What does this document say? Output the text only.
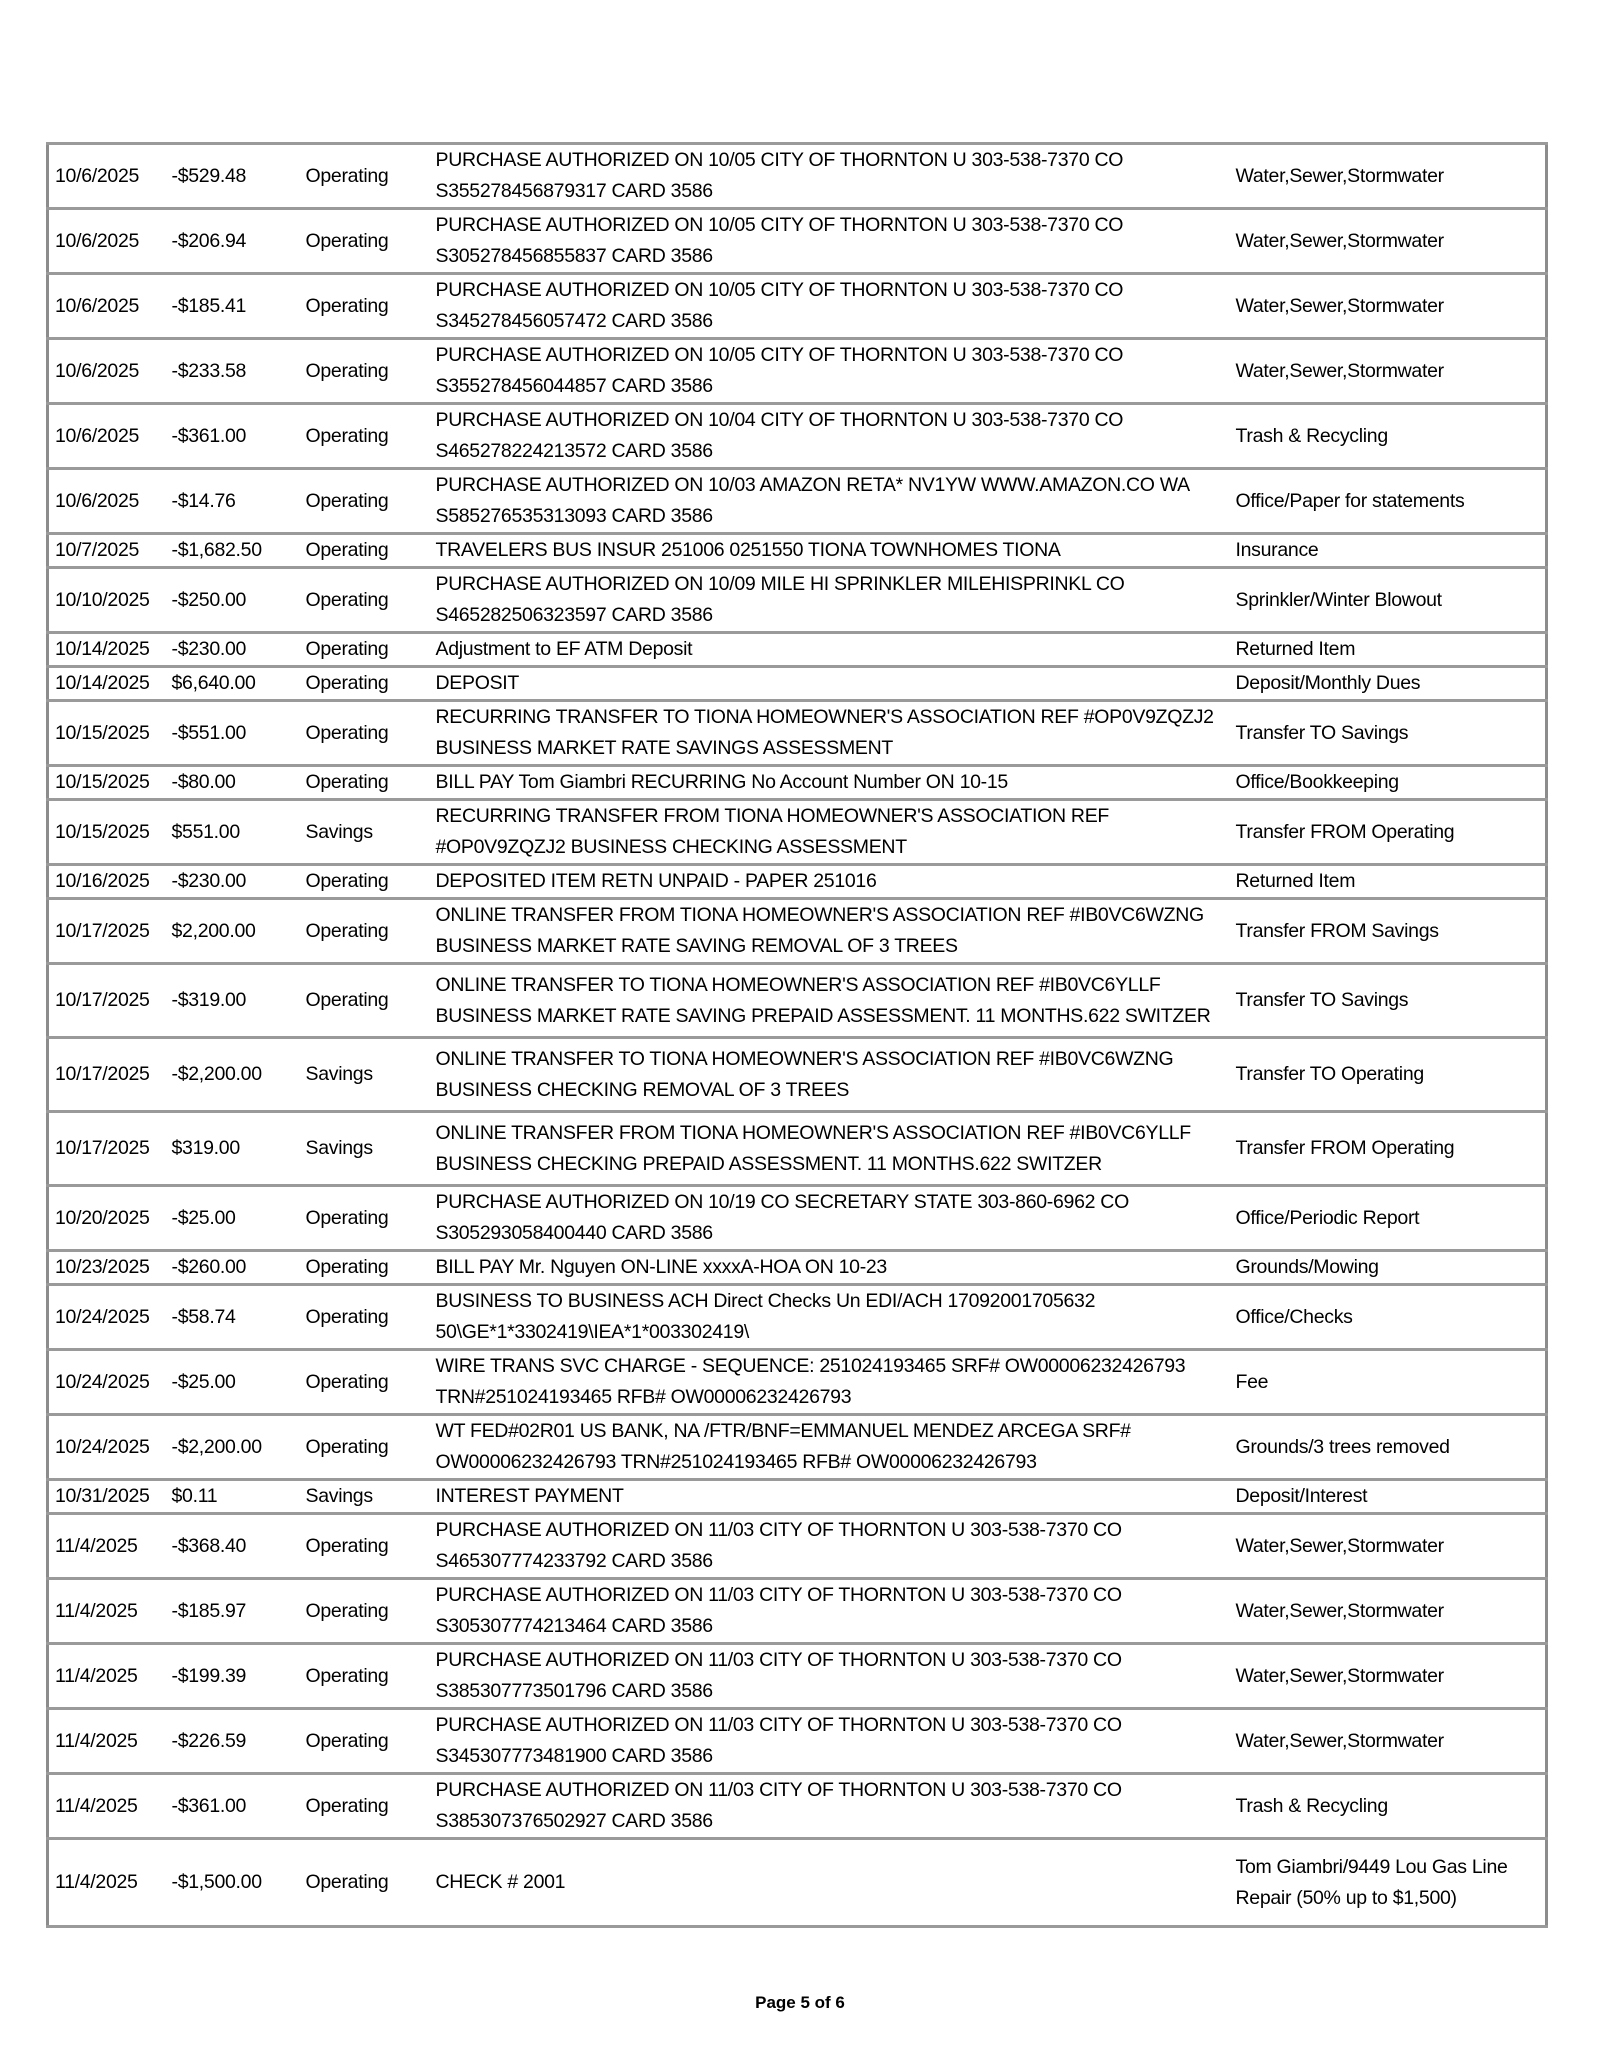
10/6/2025	-$529.48	Operating	PURCHASE AUTHORIZED ON 10/05 CITY OF THORNTON U 303-538-7370 CO S355278456879317 CARD 3586	Water,Sewer,Stormwater
10/6/2025	-$206.94	Operating	PURCHASE AUTHORIZED ON 10/05 CITY OF THORNTON U 303-538-7370 CO S305278456855837 CARD 3586	Water,Sewer,Stormwater
10/6/2025	-$185.41	Operating	PURCHASE AUTHORIZED ON 10/05 CITY OF THORNTON U 303-538-7370 CO S345278456057472 CARD 3586	Water,Sewer,Stormwater
10/6/2025	-$233.58	Operating	PURCHASE AUTHORIZED ON 10/05 CITY OF THORNTON U 303-538-7370 CO S355278456044857 CARD 3586	Water,Sewer,Stormwater
10/6/2025	-$361.00	Operating	PURCHASE AUTHORIZED ON 10/04 CITY OF THORNTON U 303-538-7370 CO S465278224213572 CARD 3586	Trash & Recycling
10/6/2025	-$14.76	Operating	PURCHASE AUTHORIZED ON 10/03 AMAZON RETA* NV1YW WWW.AMAZON.CO WA S585276535313093 CARD 3586	Office/Paper for statements
10/7/2025	-$1,682.50	Operating	TRAVELERS BUS INSUR 251006 0251550 TIONA TOWNHOMES TIONA	Insurance
10/10/2025	-$250.00	Operating	PURCHASE AUTHORIZED ON 10/09 MILE HI SPRINKLER MILEHISPRINKL CO S465282506323597 CARD 3586	Sprinkler/Winter Blowout
10/14/2025	-$230.00	Operating	Adjustment to EF ATM Deposit	Returned Item
10/14/2025	$6,640.00	Operating	DEPOSIT	Deposit/Monthly Dues
10/15/2025	-$551.00	Operating	RECURRING TRANSFER TO TIONA HOMEOWNER'S ASSOCIATION REF #OP0V9ZQZJ2 BUSINESS MARKET RATE SAVINGS ASSESSMENT	Transfer TO Savings
10/15/2025	-$80.00	Operating	BILL PAY Tom Giambri RECURRING No Account Number ON 10-15	Office/Bookkeeping
10/15/2025	$551.00	Savings	RECURRING TRANSFER FROM TIONA HOMEOWNER'S ASSOCIATION REF #OP0V9ZQZJ2 BUSINESS CHECKING ASSESSMENT	Transfer FROM Operating
10/16/2025	-$230.00	Operating	DEPOSITED ITEM RETN UNPAID - PAPER 251016	Returned Item
10/17/2025	$2,200.00	Operating	ONLINE TRANSFER FROM TIONA HOMEOWNER'S ASSOCIATION REF #IB0VC6WZNG BUSINESS MARKET RATE SAVING REMOVAL OF 3 TREES	Transfer FROM Savings
10/17/2025	-$319.00	Operating	ONLINE TRANSFER TO TIONA HOMEOWNER'S ASSOCIATION REF #IB0VC6YLLF BUSINESS MARKET RATE SAVING PREPAID ASSESSMENT. 11 MONTHS.622 SWITZER	Transfer TO Savings
10/17/2025	-$2,200.00	Savings	ONLINE TRANSFER TO TIONA HOMEOWNER'S ASSOCIATION REF #IB0VC6WZNG BUSINESS CHECKING REMOVAL OF 3 TREES	Transfer TO Operating
10/17/2025	$319.00	Savings	ONLINE TRANSFER FROM TIONA HOMEOWNER'S ASSOCIATION REF #IB0VC6YLLF BUSINESS CHECKING PREPAID ASSESSMENT. 11 MONTHS.622 SWITZER	Transfer FROM Operating
10/20/2025	-$25.00	Operating	PURCHASE AUTHORIZED ON 10/19 CO SECRETARY STATE 303-860-6962 CO S305293058400440 CARD 3586	Office/Periodic Report
10/23/2025	-$260.00	Operating	BILL PAY Mr. Nguyen ON-LINE xxxxA-HOA ON 10-23	Grounds/Mowing
10/24/2025	-$58.74	Operating	BUSINESS TO BUSINESS ACH Direct Checks Un EDI/ACH 17092001705632 50\GE*1*3302419\IEA*1*003302419\	Office/Checks
10/24/2025	-$25.00	Operating	WIRE TRANS SVC CHARGE - SEQUENCE: 251024193465 SRF# OW00006232426793 TRN#251024193465 RFB# OW00006232426793	Fee
10/24/2025	-$2,200.00	Operating	WT FED#02R01 US BANK, NA /FTR/BNF=EMMANUEL MENDEZ ARCEGA SRF# OW00006232426793 TRN#251024193465 RFB# OW00006232426793	Grounds/3 trees removed
10/31/2025	$0.11	Savings	INTEREST PAYMENT	Deposit/Interest
11/4/2025	-$368.40	Operating	PURCHASE AUTHORIZED ON 11/03 CITY OF THORNTON U 303-538-7370 CO S465307774233792 CARD 3586	Water,Sewer,Stormwater
11/4/2025	-$185.97	Operating	PURCHASE AUTHORIZED ON 11/03 CITY OF THORNTON U 303-538-7370 CO S305307774213464 CARD 3586	Water,Sewer,Stormwater
11/4/2025	-$199.39	Operating	PURCHASE AUTHORIZED ON 11/03 CITY OF THORNTON U 303-538-7370 CO S385307773501796 CARD 3586	Water,Sewer,Stormwater
11/4/2025	-$226.59	Operating	PURCHASE AUTHORIZED ON 11/03 CITY OF THORNTON U 303-538-7370 CO S345307773481900 CARD 3586	Water,Sewer,Stormwater
11/4/2025	-$361.00	Operating	PURCHASE AUTHORIZED ON 11/03 CITY OF THORNTON U 303-538-7370 CO S385307376502927 CARD 3586	Trash & Recycling
11/4/2025	-$1,500.00	Operating	CHECK # 2001	Tom Giambri/9449 Lou Gas Line Repair (50% up to $1,500)
Page 5 of 6
